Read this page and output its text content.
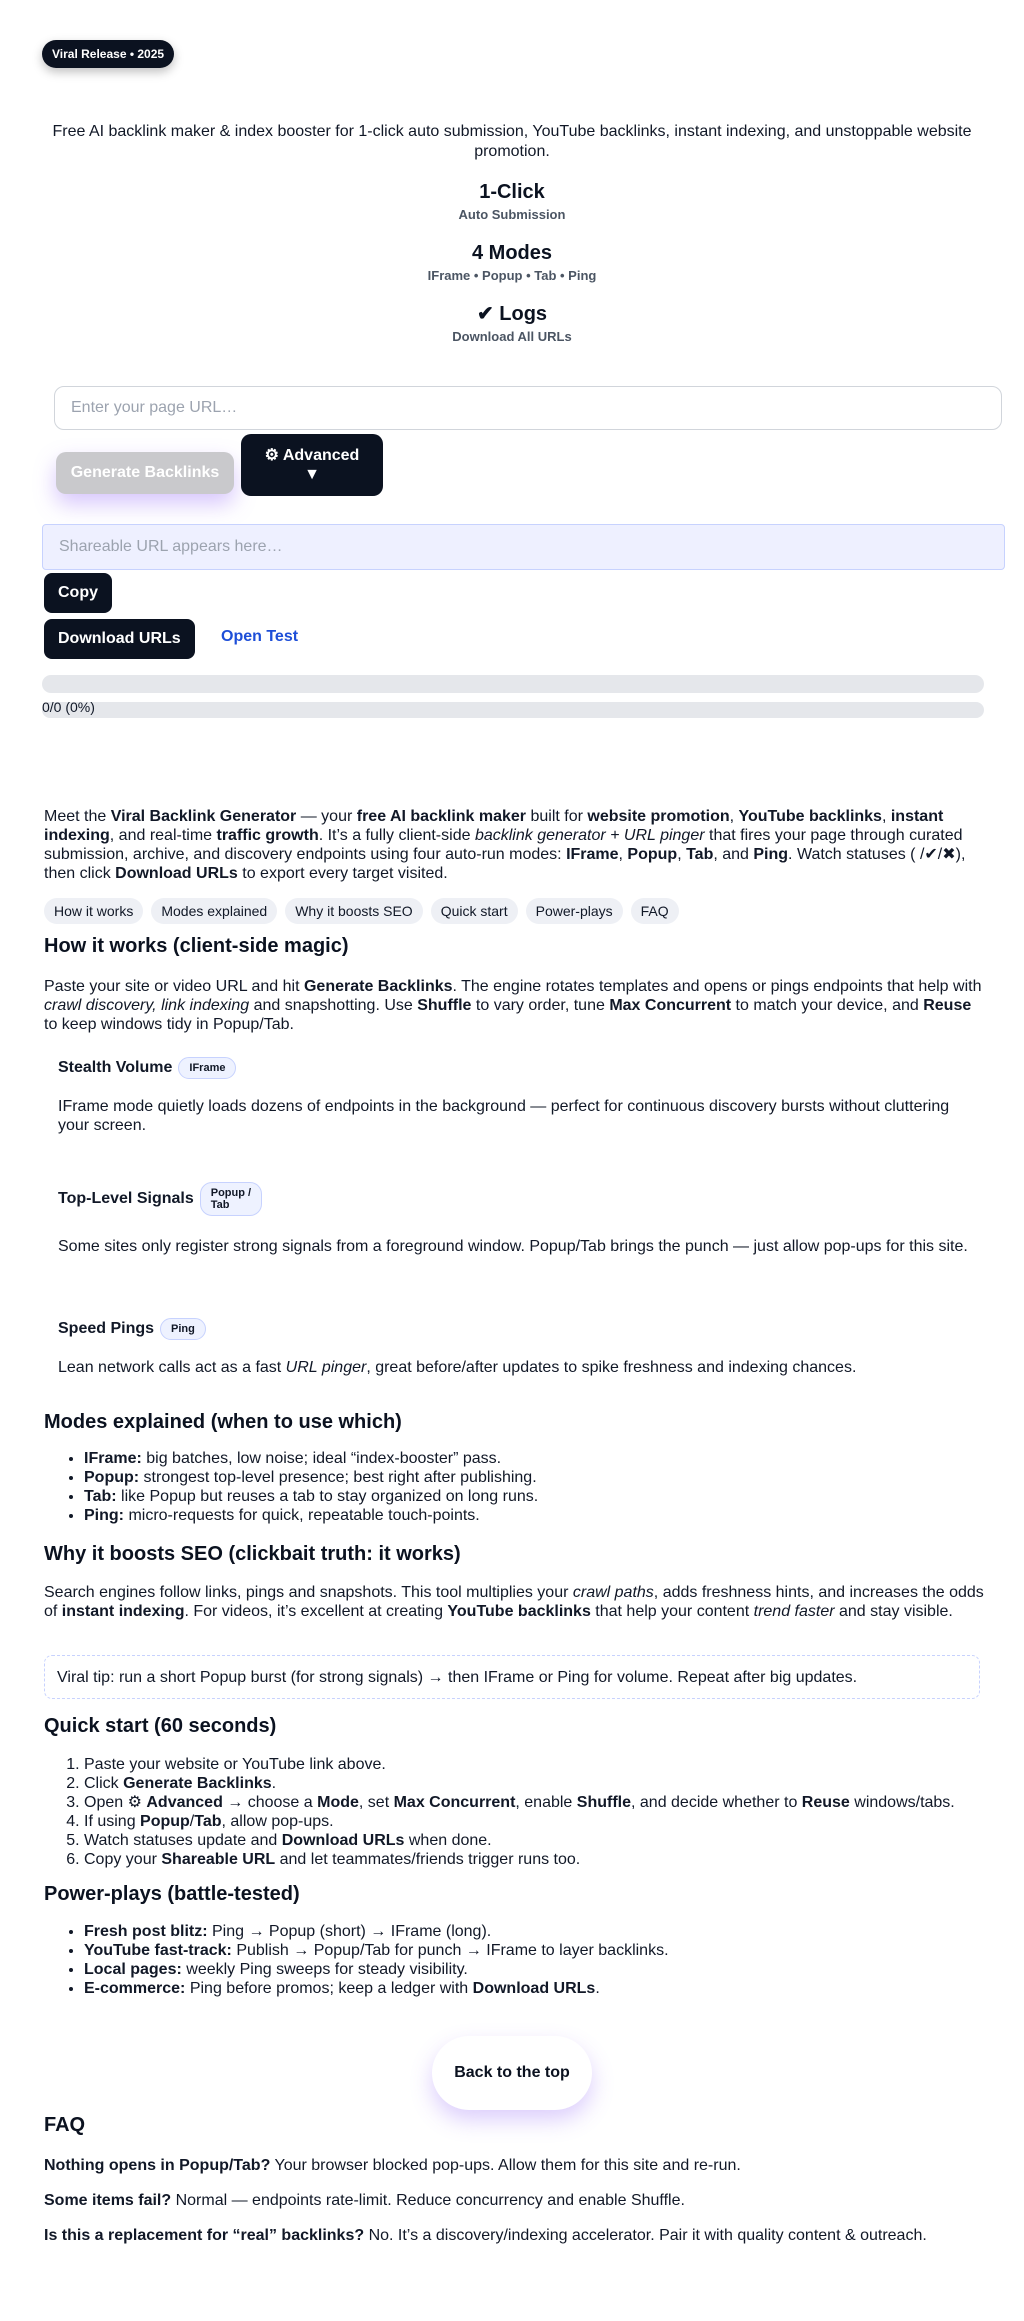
Viral Release • 2025
Free AI backlink maker & index booster for 1-click auto submission, YouTube backlinks, instant indexing, and unstoppable website promotion.
1-Click
Auto Submission
4 Modes
IFrame • Popup • Tab • Ping
✔ Logs
Download All URLs
Enter your page URL…
Generate Backlinks
⚙ Advanced
▼
Shareable URL appears here…
Copy
Download URLs	Open Test
0/0 (0%)

Meet the Viral Backlink Generator — your free AI backlink maker built for website promotion, YouTube backlinks, instant indexing, and real-time traffic growth. It’s a fully client-side backlink generator + URL pinger that fires your page through curated submission, archive, and discovery endpoints using four auto-run modes: IFrame, Popup, Tab, and Ping. Watch statuses ( /✔/✖), then click Download URLs to export every target visited.

How it works	Modes explained	Why it boosts SEO	Quick start	Power-plays	FAQ
How it works (client-side magic)

Paste your site or video URL and hit Generate Backlinks. The engine rotates templates and opens or pings endpoints that help with crawl discovery, link indexing and snapshotting. Use Shuffle to vary order, tune Max Concurrent to match your device, and Reuse to keep windows tidy in Popup/Tab.

Stealth Volume	IFrame
IFrame mode quietly loads dozens of endpoints in the background — perfect for continuous discovery bursts without cluttering your screen.
Top-Level Signals	Popup /
Tab
Some sites only register strong signals from a foreground window. Popup/Tab brings the punch — just allow pop-ups for this site.
Speed Pings	Ping
Lean network calls act as a fast URL pinger, great before/after updates to spike freshness and indexing chances.
Modes explained (when to use which)
• IFrame: big batches, low noise; ideal “index-booster” pass.
• Popup: strongest top-level presence; best right after publishing.
• Tab: like Popup but reuses a tab to stay organized on long runs.
• Ping: micro-requests for quick, repeatable touch-points.
Why it boosts SEO (clickbait truth: it works)

Search engines follow links, pings and snapshots. This tool multiplies your crawl paths, adds freshness hints, and increases the odds of instant indexing. For videos, it’s excellent at creating YouTube backlinks that help your content trend faster and stay visible.

Viral tip: run a short Popup burst (for strong signals) → then IFrame or Ping for volume. Repeat after big updates.
Quick start (60 seconds)
1. Paste your website or YouTube link above.
2. Click Generate Backlinks.
3. Open ⚙ Advanced → choose a Mode, set Max Concurrent, enable Shuffle, and decide whether to Reuse windows/tabs.
4. If using Popup/Tab, allow pop-ups.
5. Watch statuses update and Download URLs when done.
6. Copy your Shareable URL and let teammates/friends trigger runs too.
Power-plays (battle-tested)
• Fresh post blitz: Ping → Popup (short) → IFrame (long).
• YouTube fast-track: Publish → Popup/Tab for punch → IFrame to layer backlinks.
• Local pages: weekly Ping sweeps for steady visibility.
• E-commerce: Ping before promos; keep a ledger with Download URLs.
Back to the top
FAQ
Nothing opens in Popup/Tab? Your browser blocked pop-ups. Allow them for this site and re-run.
Some items fail? Normal — endpoints rate-limit. Reduce concurrency and enable Shuffle.
Is this a replacement for “real” backlinks? No. It’s a discovery/indexing accelerator. Pair it with quality content & outreach.
